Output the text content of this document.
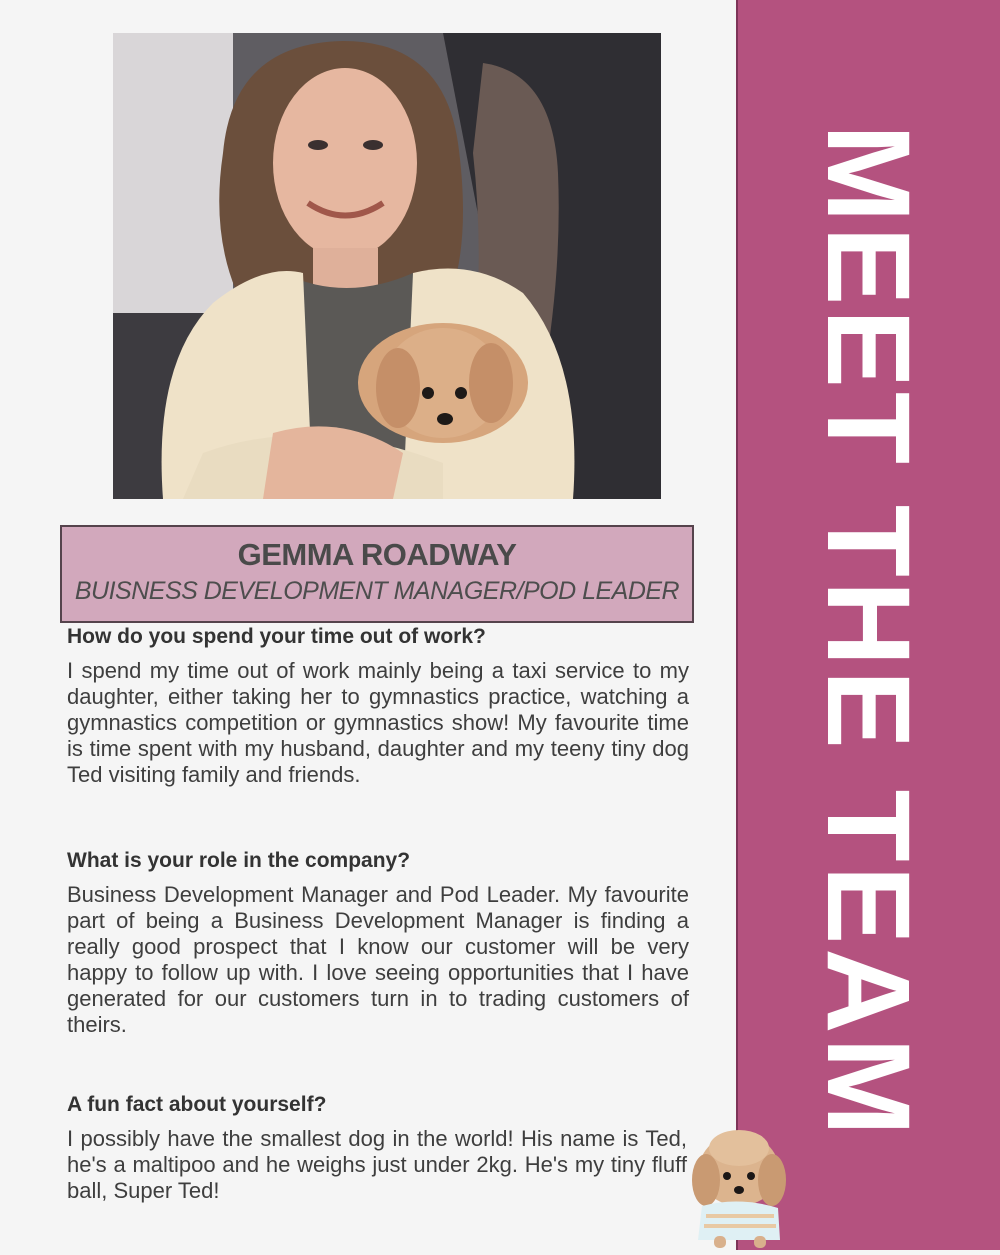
MEET THE TEAM
GEMMA ROADWAY
BUISNESS DEVELOPMENT MANAGER/POD LEADER

How do you spend your time out of work?

I spend my time out of work mainly being a taxi service to my daughter, either taking her to gymnastics practice, watching a gymnastics competition or gymnastics show! My favourite time is time spent with my husband, daughter and my teeny tiny dog Ted visiting family and friends.

What is your role in the company?

Business Development Manager and Pod Leader. My favourite part of being a Business Development Manager is finding a really good prospect that I know our customer will be very happy to follow up with. I love seeing opportunities that I have generated for our customers turn in to trading customers of theirs.

A fun fact about yourself?

I possibly have the smallest dog in the world! His name is Ted, he's a maltipoo and he weighs just under 2kg. He's my tiny fluff ball, Super Ted!
